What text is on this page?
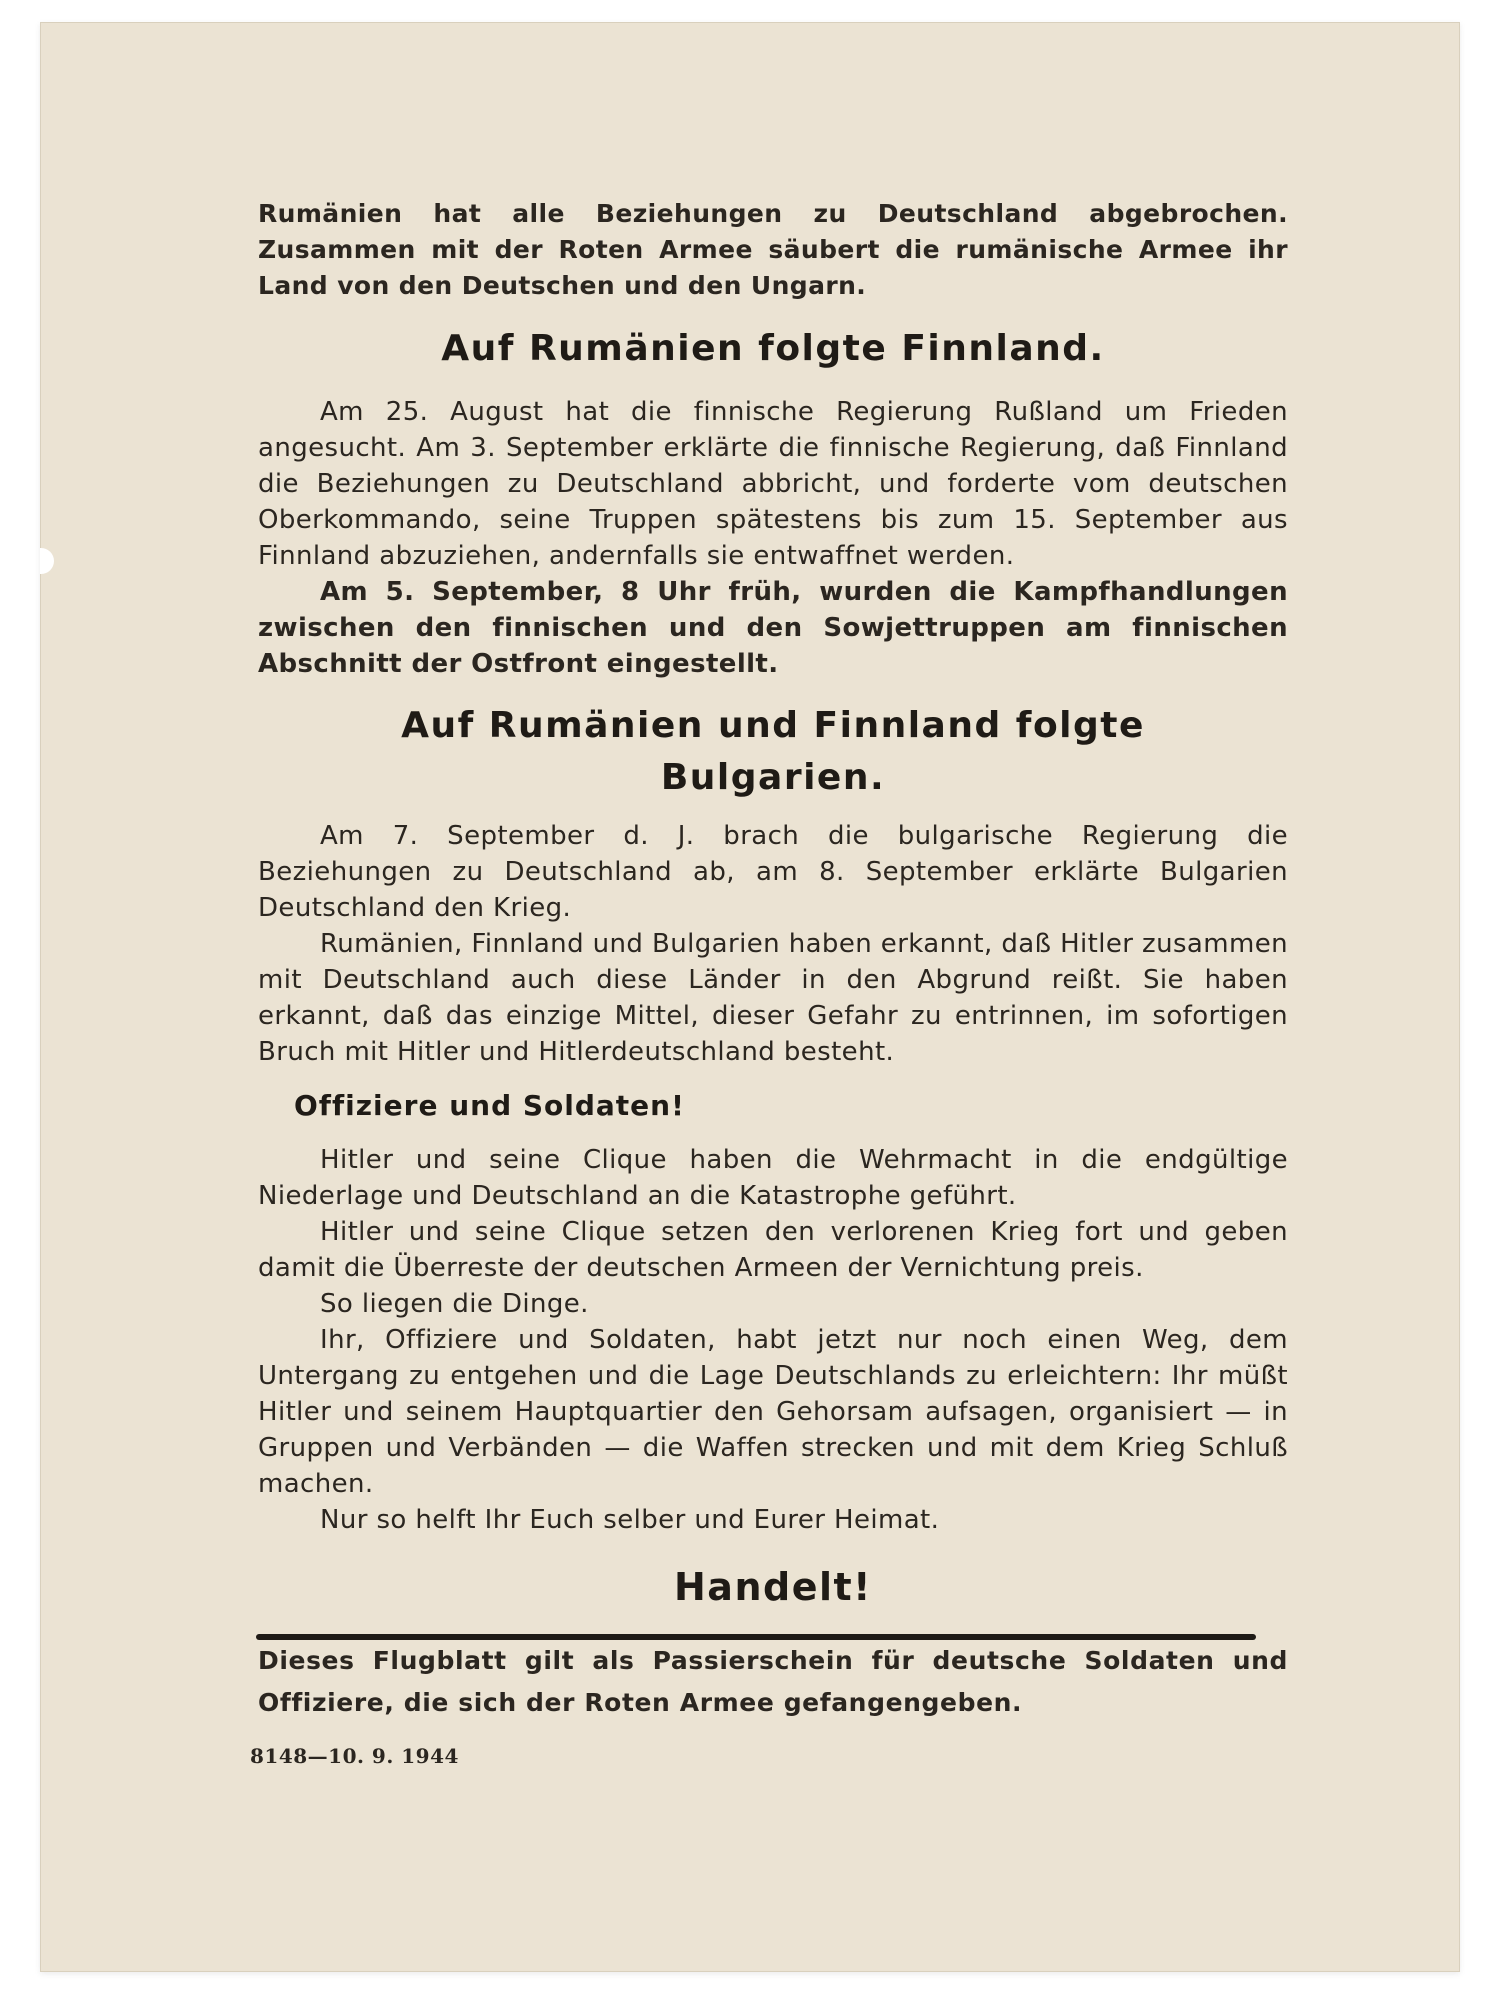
Rumänien hat alle Beziehungen zu Deutschland abgebrochen. Zusammen mit der Roten Armee säubert die rumänische Armee ihr Land von den Deutschen und den Ungarn.

Auf Rumänien folgte Finnland.

Am 25. August hat die finnische Regierung Rußland um Frieden angesucht. Am 3. September erklärte die finnische Regierung, daß Finnland die Beziehungen zu Deutschland abbricht, und forderte vom deutschen Oberkommando, seine Truppen spätestens bis zum 15. September aus Finnland abzuziehen, andernfalls sie entwaffnet werden.

Am 5. September, 8 Uhr früh, wurden die Kampfhandlungen zwischen den finnischen und den Sowjettruppen am finnischen Abschnitt der Ostfront eingestellt.

Auf Rumänien und Finnland folgte Bulgarien.

Am 7. September d. J. brach die bulgarische Regierung die Beziehungen zu Deutschland ab, am 8. September erklärte Bulgarien Deutschland den Krieg.

Rumänien, Finnland und Bulgarien haben erkannt, daß Hitler zusammen mit Deutschland auch diese Länder in den Abgrund reißt. Sie haben erkannt, daß das einzige Mittel, dieser Gefahr zu entrinnen, im sofortigen Bruch mit Hitler und Hitlerdeutschland besteht.

Offiziere und Soldaten!

Hitler und seine Clique haben die Wehrmacht in die endgültige Niederlage und Deutschland an die Katastrophe geführt.

Hitler und seine Clique setzen den verlorenen Krieg fort und geben damit die Überreste der deutschen Armeen der Vernichtung preis.

So liegen die Dinge.

Ihr, Offiziere und Soldaten, habt jetzt nur noch einen Weg, dem Untergang zu entgehen und die Lage Deutschlands zu erleichtern: Ihr müßt Hitler und seinem Hauptquartier den Gehorsam aufsagen, organisiert — in Gruppen und Verbänden — die Waffen strecken und mit dem Krieg Schluß machen.

Nur so helft Ihr Euch selber und Eurer Heimat.

Handelt!

Dieses Flugblatt gilt als Passierschein für deutsche Soldaten und Offiziere, die sich der Roten Armee gefangengeben.

8148—10. 9. 1944
